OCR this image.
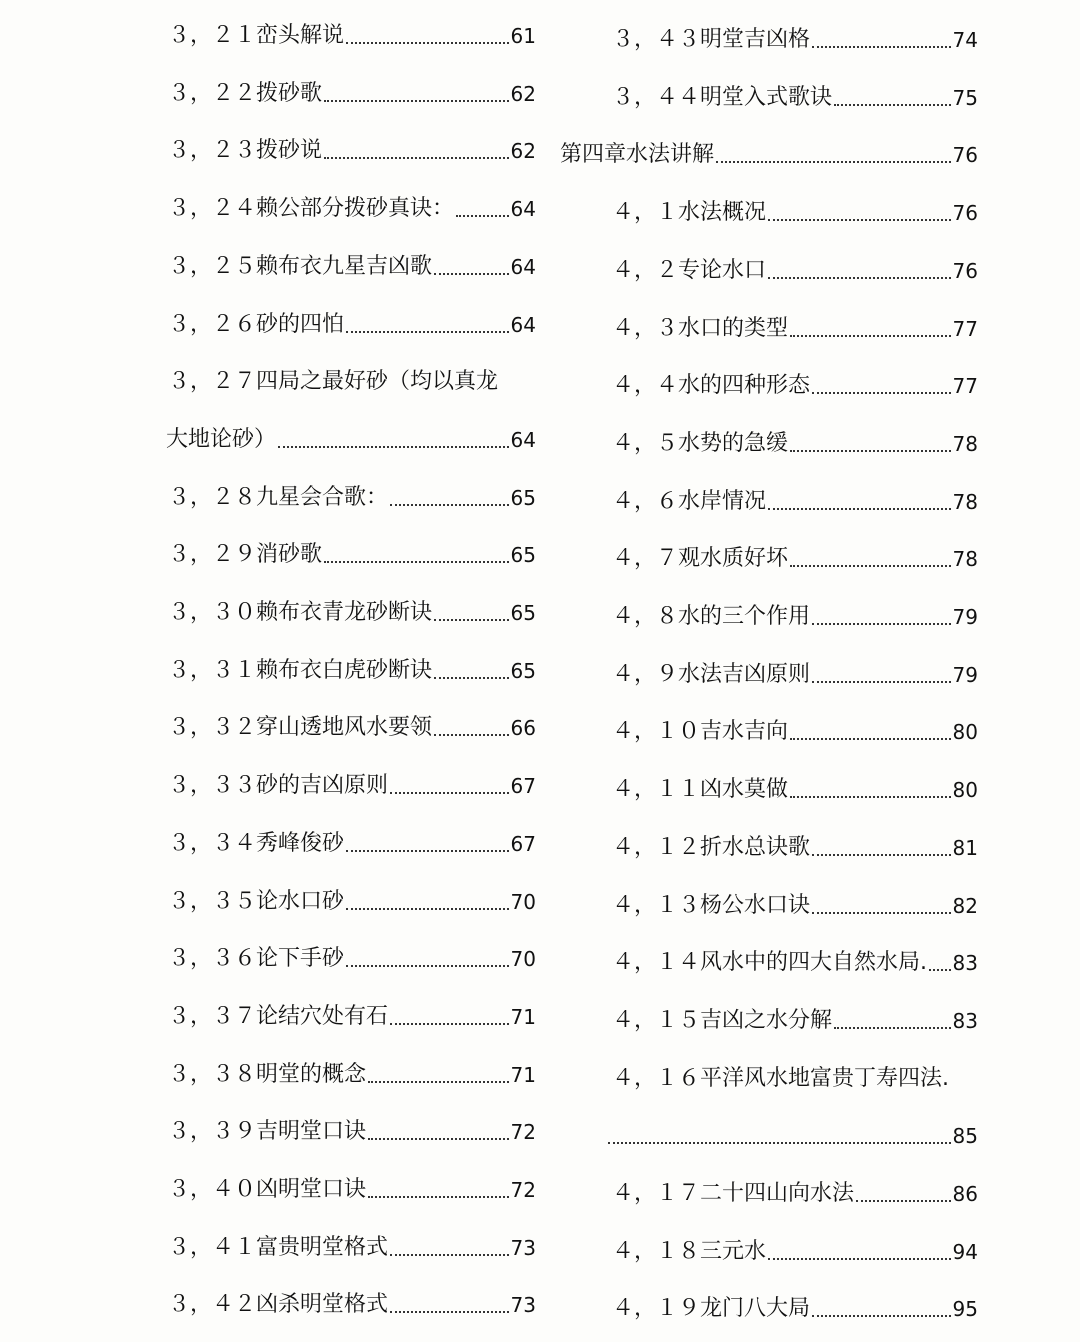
３，２１峦头解说	61
３，２２拨砂歌	62
３，２３拨砂说	62
３，２４赖公部分拨砂真诀：	64
３，２５赖布衣九星吉凶歌	64
３，２６砂的四怕	64
３，２７四局之最好砂（均以真龙
大地论砂）	64
３，２８九星会合歌：	65
３，２９消砂歌	65
３，３０赖布衣青龙砂断诀	65
３，３１赖布衣白虎砂断诀	65
３，３２穿山透地风水要领	66
３，３３砂的吉凶原则	67
３，３４秀峰俊砂	67
３，３５论水口砂	70
３，３６论下手砂	70
３，３７论结穴处有石	71
３，３８明堂的概念	71
３，３９吉明堂口诀	72
３，４０凶明堂口诀	72
３，４１富贵明堂格式	73
３，４２凶杀明堂格式	73
３，４３明堂吉凶格	74
３，４４明堂入式歌诀	75
第四章水法讲解	76
４，１水法概况	76
４，２专论水口	76
４，３水口的类型	77
４，４水的四种形态	77
４，５水势的急缓	78
４，６水岸情况	78
４，７观水质好坏	78
４，８水的三个作用	79
４，９水法吉凶原则	79
４，１０吉水吉向	80
４，１１凶水莫做	80
４，１２折水总诀歌	81
４，１３杨公水口诀	82
４，１４风水中的四大自然水局. 83
４，１５吉凶之水分解	83
４，１６平洋风水地富贵丁寿四法.
85
４，１７二十四山向水法	86
４，１８三元水	94
４，１９龙门八大局	95
